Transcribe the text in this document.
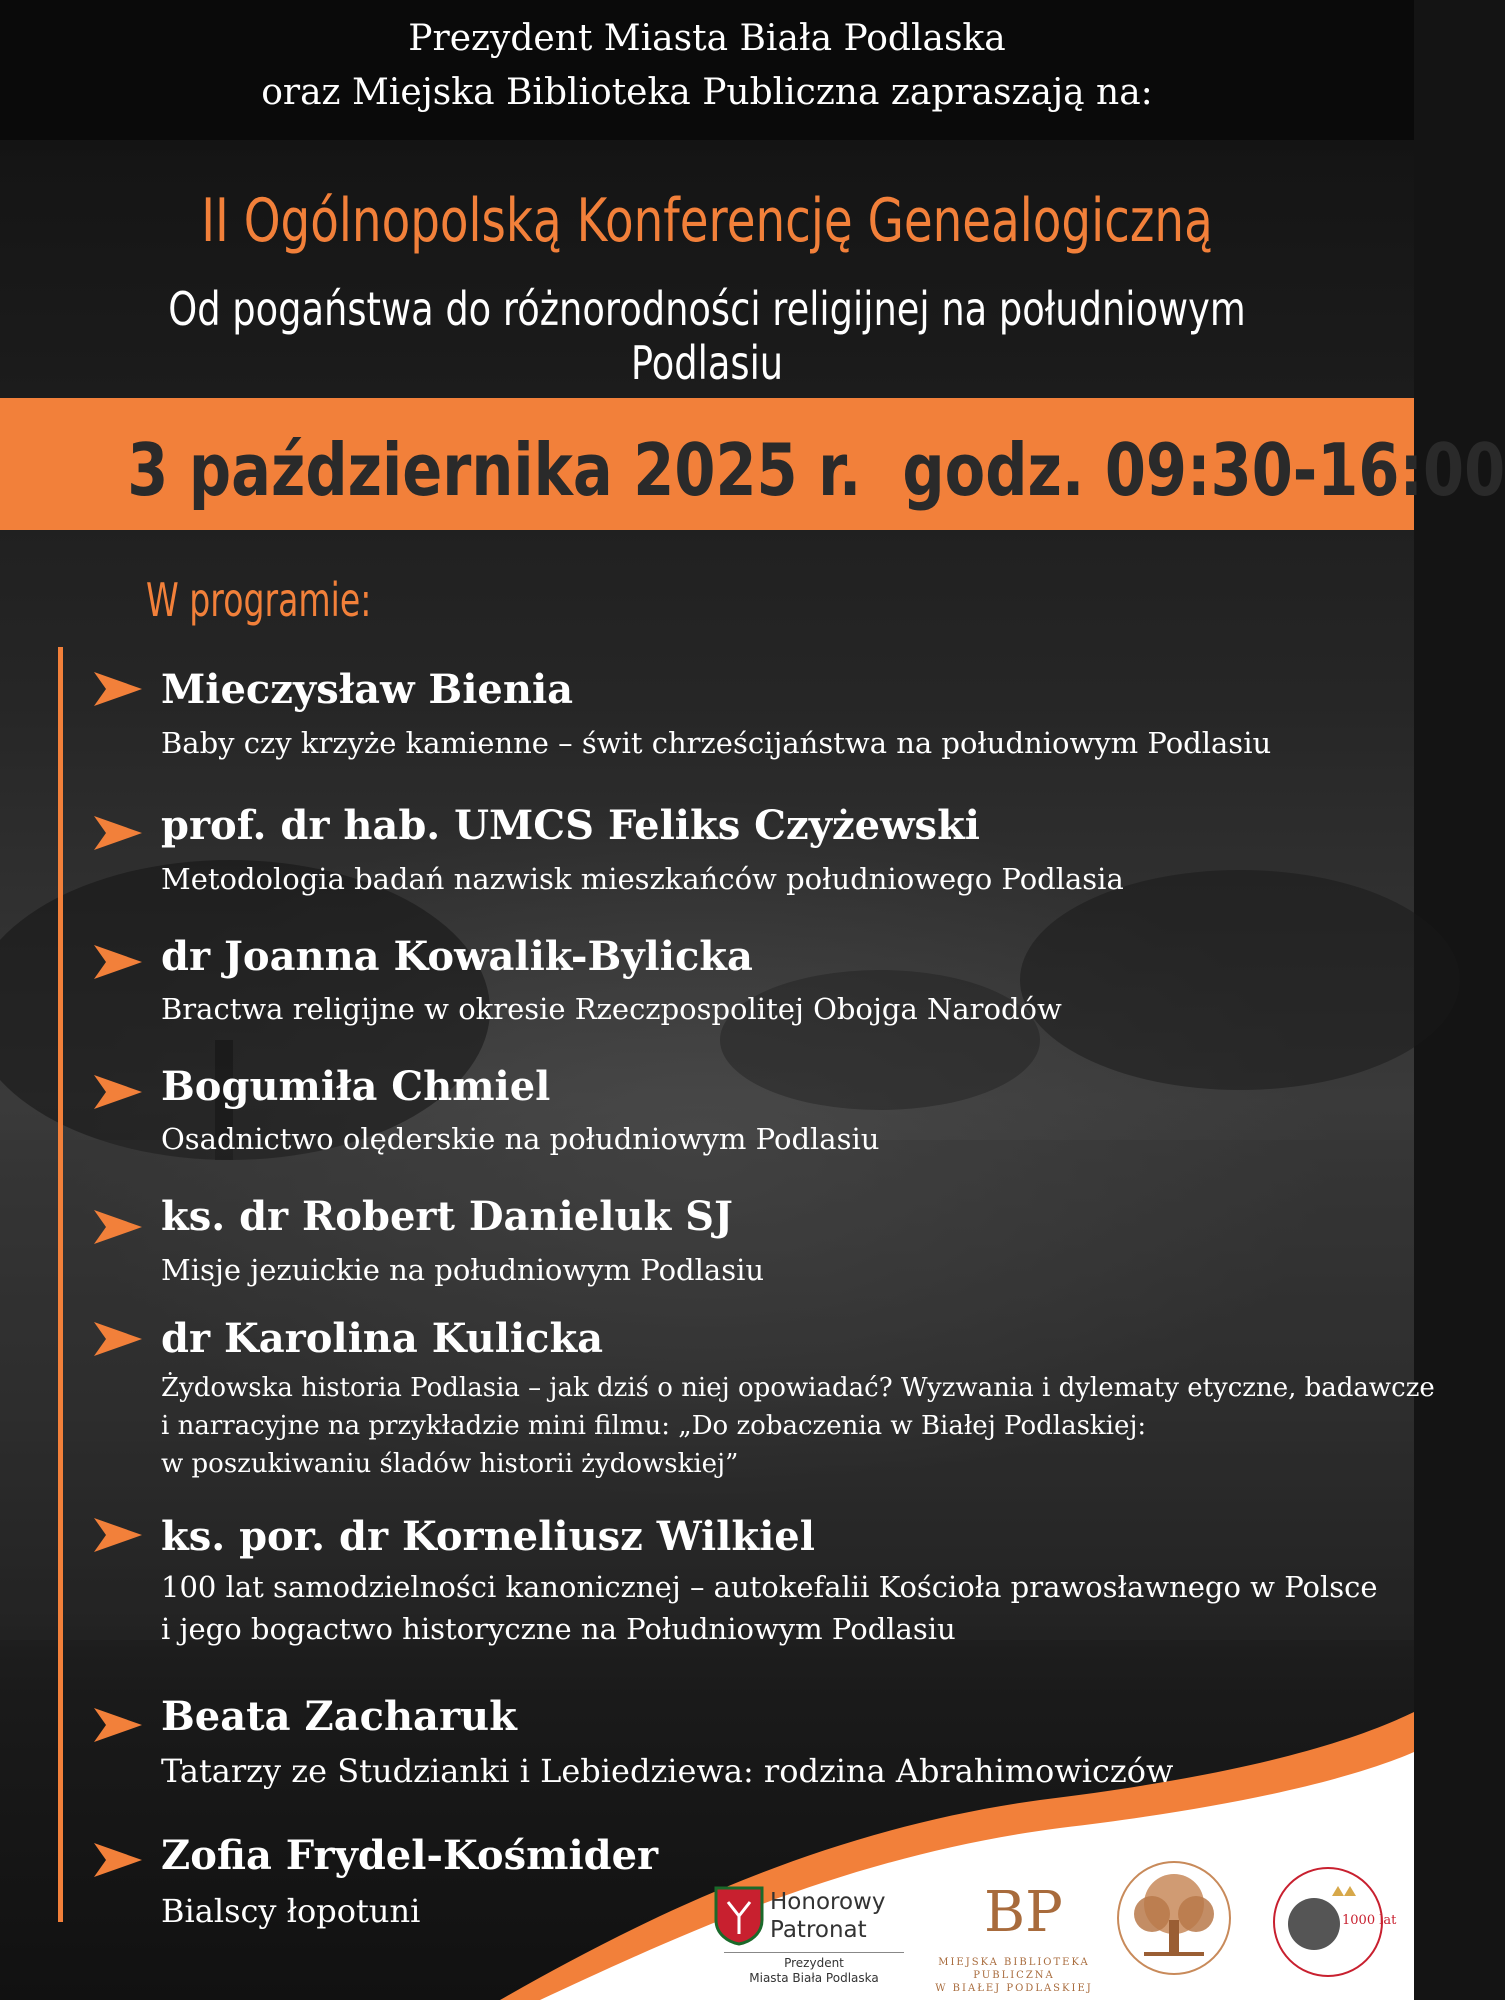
Prezydent Miasta Biała Podlaska
oraz Miejska Biblioteka Publiczna zapraszają na:
II Ogólnopolską Konferencję Genealogiczną
Od pogaństwa do różnorodności religijnej na południowym Podlasiu
3 października 2025 r.  godz. 09:30-16:00
W programie:
Mieczysław Bienia
Baby czy krzyże kamienne – świt chrześcijaństwa na południowym Podlasiu
prof. dr hab. UMCS Feliks Czyżewski
Metodologia badań nazwisk mieszkańców południowego Podlasia
dr Joanna Kowalik-Bylicka
Bractwa religijne w okresie Rzeczpospolitej Obojga Narodów
Bogumiła Chmiel
Osadnictwo olęderskie na południowym Podlasiu
ks. dr Robert Danieluk SJ
Misje jezuickie na południowym Podlasiu
dr Karolina Kulicka
Żydowska historia Podlasia – jak dziś o niej opowiadać? Wyzwania i dylematy etyczne, badawcze
i narracyjne na przykładzie mini filmu: „Do zobaczenia w Białej Podlaskiej:
w poszukiwaniu śladów historii żydowskiej”
ks. por. dr Korneliusz Wilkiel
100 lat samodzielności kanonicznej – autokefalii Kościoła prawosławnego w Polsce
i jego bogactwo historyczne na Południowym Podlasiu
Beata Zacharuk
Tatarzy ze Studzianki i Lebiedziewa: rodzina Abrahimowiczów
Zofia Frydel-Kośmider
Bialscy łopotuni	Honorowy
Patronat
Prezydent
Miasta Biała Podlaska
BP
MIEJSKA BIBLIOTEKA PUBLICZNA
W BIAŁEJ PODLASKIEJ
1000 lat
